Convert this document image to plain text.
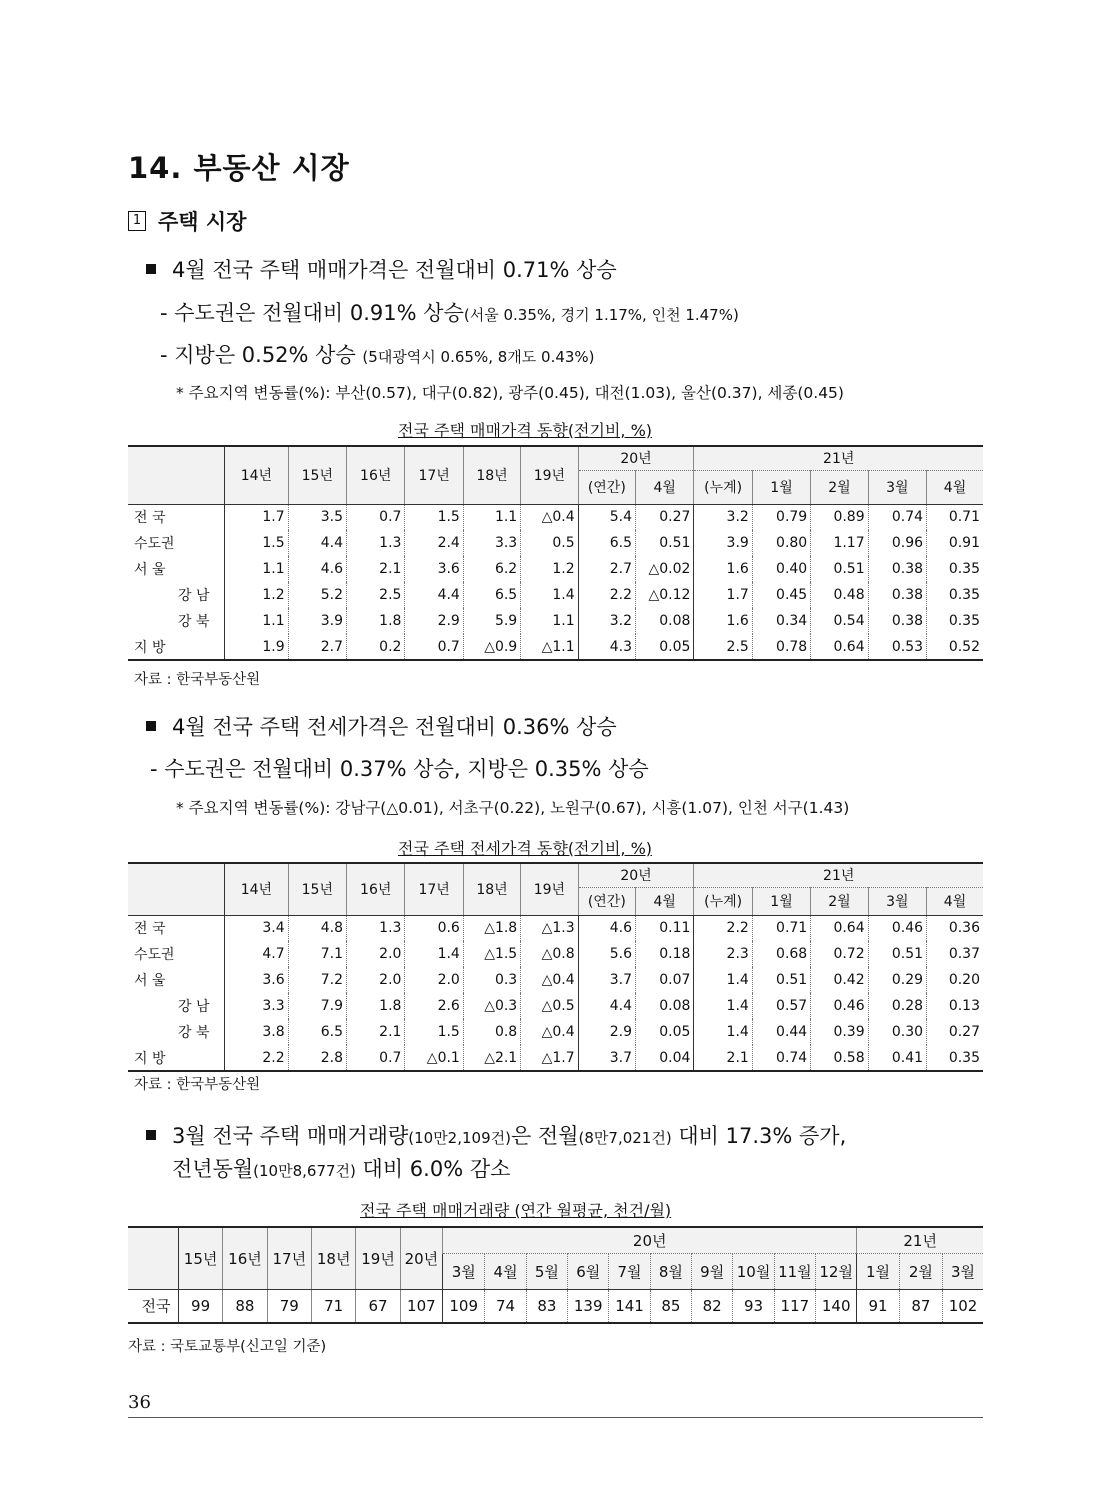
14. 부동산 시장
1 주택 시장
4월 전국 주택 매매가격은 전월대비 0.71% 상승
- 수도권은 전월대비 0.91% 상승(서울 0.35%, 경기 1.17%, 인천 1.47%)
- 지방은 0.52% 상승 (5대광역시 0.65%, 8개도 0.43%)
* 주요지역 변동률(%): 부산(0.57), 대구(0.82), 광주(0.45), 대전(1.03), 울산(0.37), 세종(0.45)
전국 주택 매매가격 동향(전기비, %)
	14년	15년	16년	17년	18년	19년	20년		21년				
							(연간)	4월	(누계)	1월	2월	3월	4월
전 국	1.7	3.5	0.7	1.5	1.1	△0.4	5.4	0.27	3.2	0.79	0.89	0.74	0.71
수도권	1.5	4.4	1.3	2.4	3.3	0.5	6.5	0.51	3.9	0.80	1.17	0.96	0.91
서 울	1.1	4.6	2.1	3.6	6.2	1.2	2.7	△0.02	1.6	0.40	0.51	0.38	0.35
강 남	1.2	5.2	2.5	4.4	6.5	1.4	2.2	△0.12	1.7	0.45	0.48	0.38	0.35
강 북	1.1	3.9	1.8	2.9	5.9	1.1	3.2	0.08	1.6	0.34	0.54	0.38	0.35
지 방	1.9	2.7	0.2	0.7	△0.9	△1.1	4.3	0.05	2.5	0.78	0.64	0.53	0.52
자료 : 한국부동산원
4월 전국 주택 전세가격은 전월대비 0.36% 상승
- 수도권은 전월대비 0.37% 상승, 지방은 0.35% 상승
* 주요지역 변동률(%): 강남구(△0.01), 서초구(0.22), 노원구(0.67), 시흥(1.07), 인천 서구(1.43)
전국 주택 전세가격 동향(전기비, %)
	14년	15년	16년	17년	18년	19년	20년		21년				
							(연간)	4월	(누계)	1월	2월	3월	4월
전 국	3.4	4.8	1.3	0.6	△1.8	△1.3	4.6	0.11	2.2	0.71	0.64	0.46	0.36
수도권	4.7	7.1	2.0	1.4	△1.5	△0.8	5.6	0.18	2.3	0.68	0.72	0.51	0.37
서 울	3.6	7.2	2.0	2.0	0.3	△0.4	3.7	0.07	1.4	0.51	0.42	0.29	0.20
강 남	3.3	7.9	1.8	2.6	△0.3	△0.5	4.4	0.08	1.4	0.57	0.46	0.28	0.13
강 북	3.8	6.5	2.1	1.5	0.8	△0.4	2.9	0.05	1.4	0.44	0.39	0.30	0.27
지 방	2.2	2.8	0.7	△0.1	△2.1	△1.7	3.7	0.04	2.1	0.74	0.58	0.41	0.35
자료 : 한국부동산원
3월 전국 주택 매매거래량(10만2,109건)은 전월(8만7,021건) 대비 17.3% 증가,
전년동월(10만8,677건) 대비 6.0% 감소
전국 주택 매매거래량 (연간 월평균, 천건/월)
	15년	16년	17년	18년	19년	20년	20년										21년		
							3월	4월	5월	6월	7월	8월	9월	10월	11월	12월	1월	2월	3월
전국	99	88	79	71	67	107	109	74	83	139	141	85	82	93	117	140	91	87	102
자료 : 국토교통부(신고일 기준)
36
